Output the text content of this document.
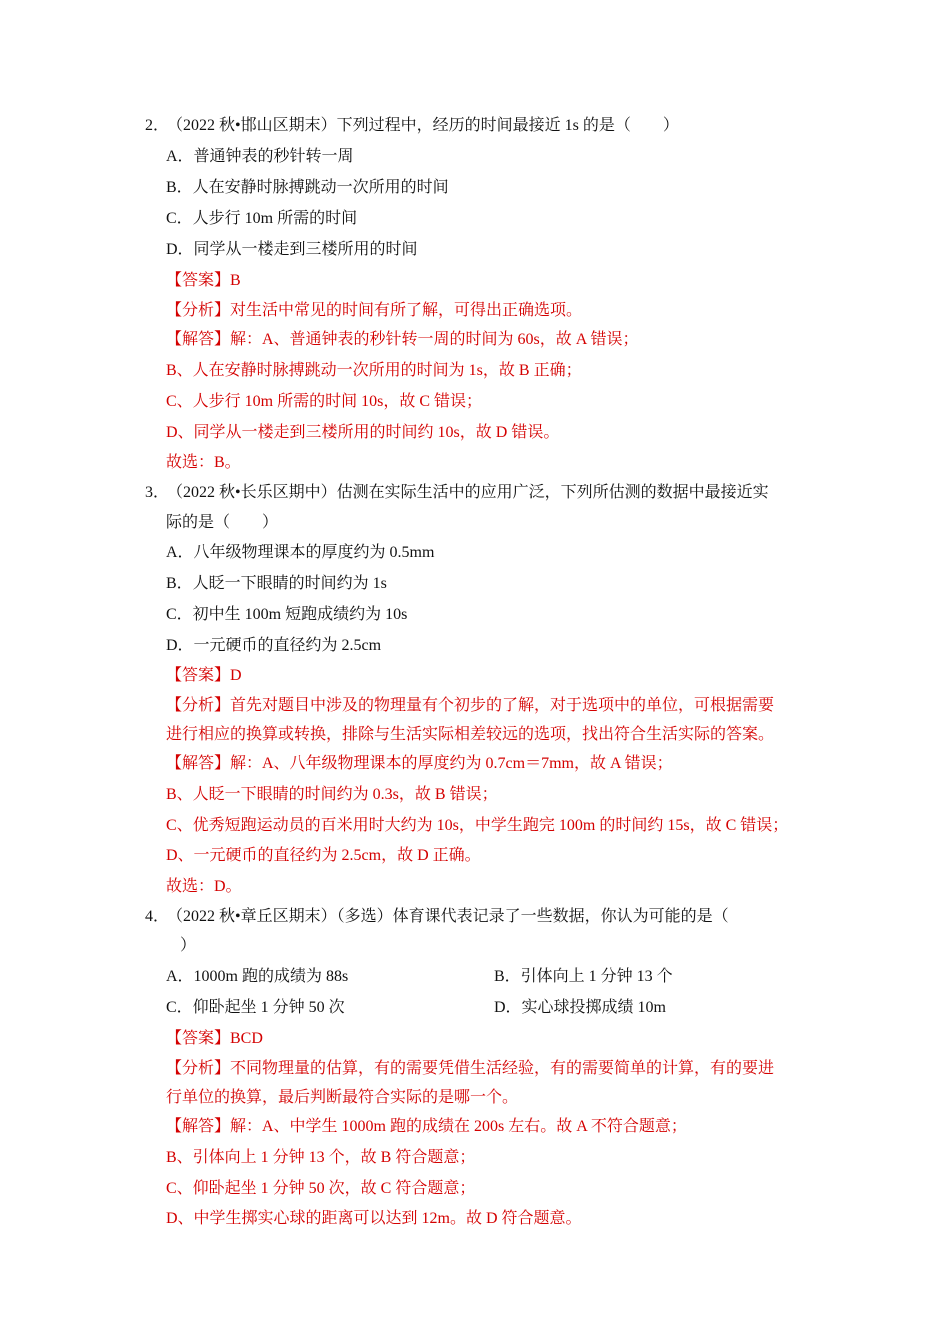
2．（2022 秋•邯山区期末）下列过程中，经历的时间最接近 1s 的是（　　）
A．普通钟表的秒针转一周
B．人在安静时脉搏跳动一次所用的时间
C．人步行 10m 所需的时间
D．同学从一楼走到三楼所用的时间
【答案】B
【分析】对生活中常见的时间有所了解，可得出正确选项。
【解答】解：A、普通钟表的秒针转一周的时间为 60s，故 A 错误；
B、人在安静时脉搏跳动一次所用的时间为 1s，故 B 正确；
C、人步行 10m 所需的时间 10s，故 C 错误；
D、同学从一楼走到三楼所用的时间约 10s，故 D 错误。
故选：B。
3．（2022 秋•长乐区期中）估测在实际生活中的应用广泛，下列所估测的数据中最接近实
际的是（　　）
A．八年级物理课本的厚度约为 0.5mm
B．人眨一下眼睛的时间约为 1s
C．初中生 100m 短跑成绩约为 10s
D．一元硬币的直径约为 2.5cm
【答案】D
【分析】首先对题目中涉及的物理量有个初步的了解，对于选项中的单位，可根据需要
进行相应的换算或转换，排除与生活实际相差较远的选项，找出符合生活实际的答案。
【解答】解：A、八年级物理课本的厚度约为 0.7cm＝7mm，故 A 错误；
B、人眨一下眼睛的时间约为 0.3s，故 B 错误；
C、优秀短跑运动员的百米用时大约为 10s，中学生跑完 100m 的时间约 15s，故 C 错误；
D、一元硬币的直径约为 2.5cm，故 D 正确。
故选：D。
4．（2022 秋•章丘区期末）（多选）体育课代表记录了一些数据，你认为可能的是（
）
A．1000m 跑的成绩为 88s	B．引体向上 1 分钟 13 个
C．仰卧起坐 1 分钟 50 次	D．实心球投掷成绩 10m
【答案】BCD
【分析】不同物理量的估算，有的需要凭借生活经验，有的需要简单的计算，有的要进
行单位的换算，最后判断最符合实际的是哪一个。
【解答】解：A、中学生 1000m 跑的成绩在 200s 左右。故 A 不符合题意；
B、引体向上 1 分钟 13 个，故 B 符合题意；
C、仰卧起坐 1 分钟 50 次，故 C 符合题意；
D、中学生掷实心球的距离可以达到 12m。故 D 符合题意。
